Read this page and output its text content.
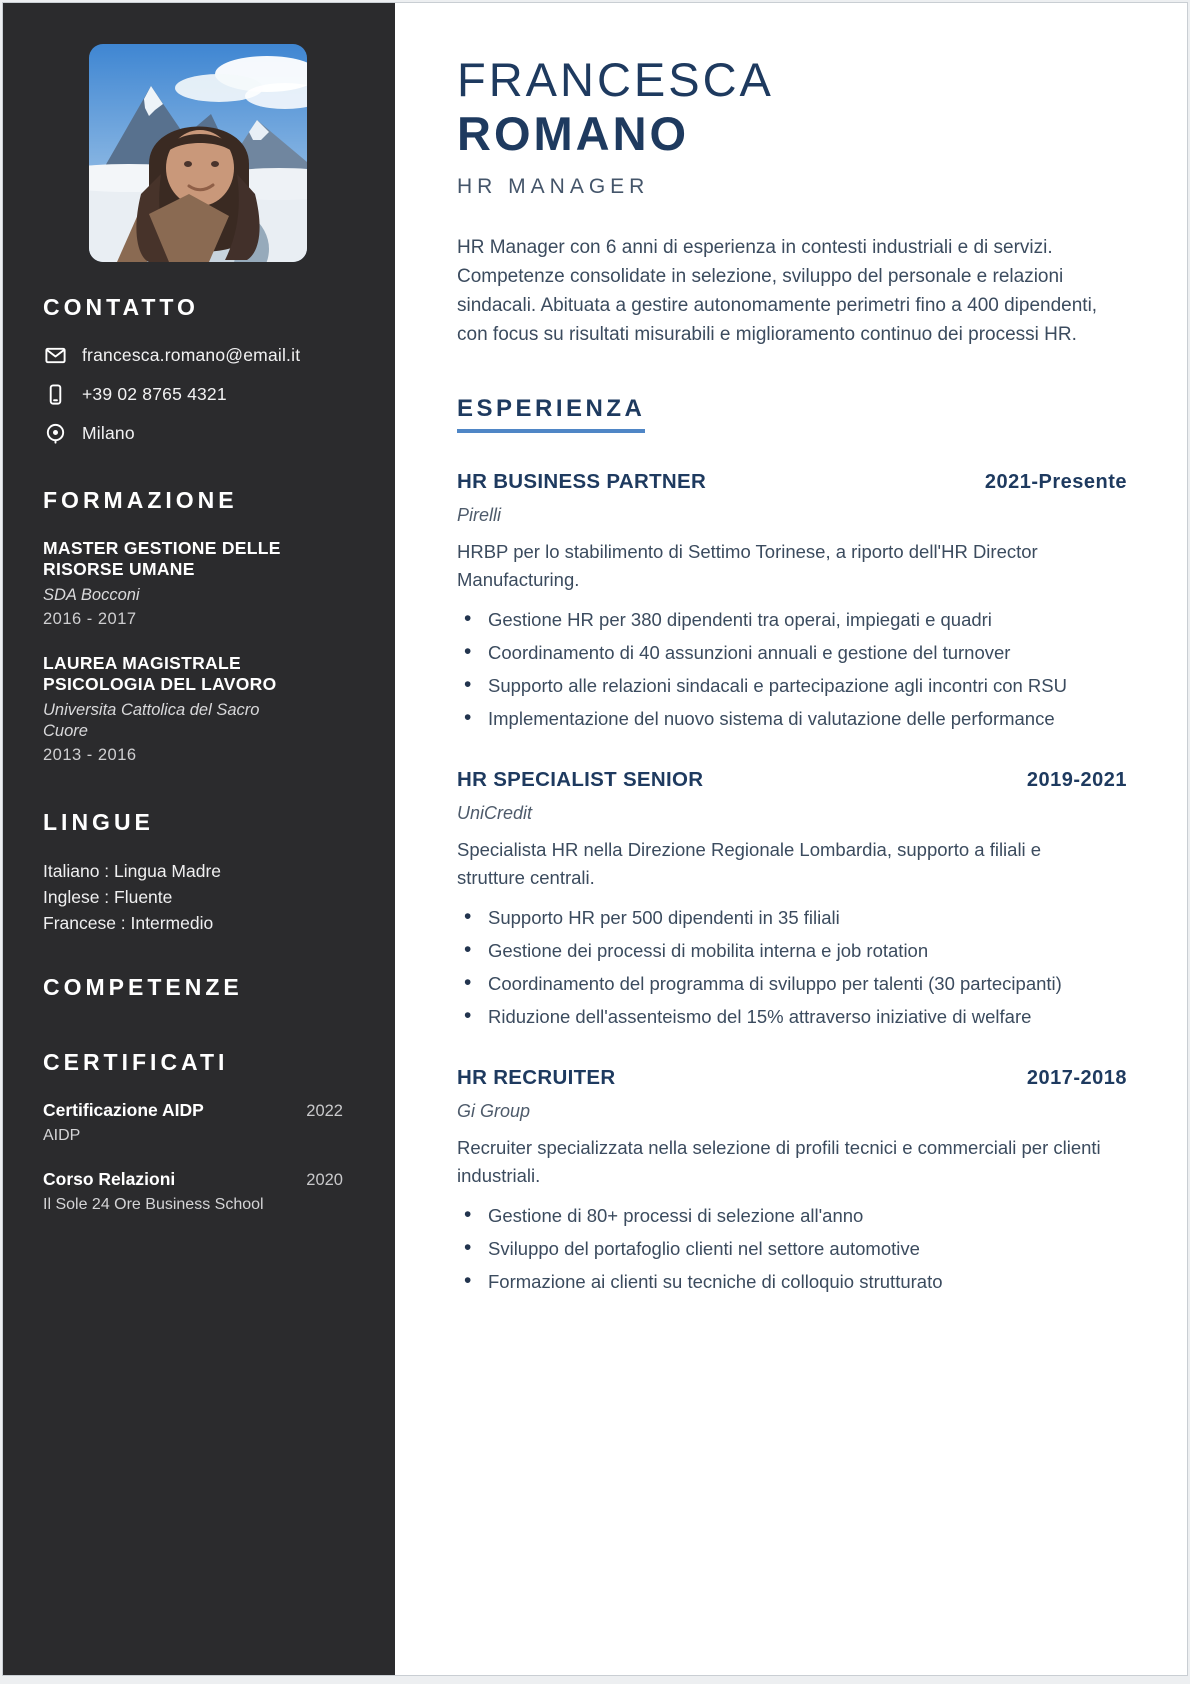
CONTATTO
francesca.romano@email.it
+39 02 8765 4321
Milano
FORMAZIONE
MASTER GESTIONE DELLE RISORSE UMANE
SDA Bocconi
2016 - 2017
LAUREA MAGISTRALE PSICOLOGIA DEL LAVORO
Universita Cattolica del Sacro Cuore
2013 - 2016
LINGUE
Italiano : Lingua Madre
Inglese : Fluente
Francese : Intermedio
COMPETENZE
CERTIFICATI
Certificazione AIDP	2022
AIDP
Corso Relazioni	2020
Il Sole 24 Ore Business School
FRANCESCA
ROMANO
HR MANAGER

HR Manager con 6 anni di esperienza in contesti industriali e di servizi. Competenze consolidate in selezione, sviluppo del personale e relazioni sindacali. Abituata a gestire autonomamente perimetri fino a 400 dipendenti, con focus su risultati misurabili e miglioramento continuo dei processi HR.

ESPERIENZA
HR BUSINESS PARTNER	2021-Presente
Pirelli

HRBP per lo stabilimento di Settimo Torinese, a riporto dell'HR Director Manufacturing.

• Gestione HR per 380 dipendenti tra operai, impiegati e quadri
• Coordinamento di 40 assunzioni annuali e gestione del turnover
• Supporto alle relazioni sindacali e partecipazione agli incontri con RSU
• Implementazione del nuovo sistema di valutazione delle performance
HR SPECIALIST SENIOR	2019-2021
UniCredit

Specialista HR nella Direzione Regionale Lombardia, supporto a filiali e strutture centrali.

• Supporto HR per 500 dipendenti in 35 filiali
• Gestione dei processi di mobilita interna e job rotation
• Coordinamento del programma di sviluppo per talenti (30 partecipanti)
• Riduzione dell'assenteismo del 15% attraverso iniziative di welfare
HR RECRUITER	2017-2018
Gi Group

Recruiter specializzata nella selezione di profili tecnici e commerciali per clienti industriali.

• Gestione di 80+ processi di selezione all'anno
• Sviluppo del portafoglio clienti nel settore automotive
• Formazione ai clienti su tecniche di colloquio strutturato
